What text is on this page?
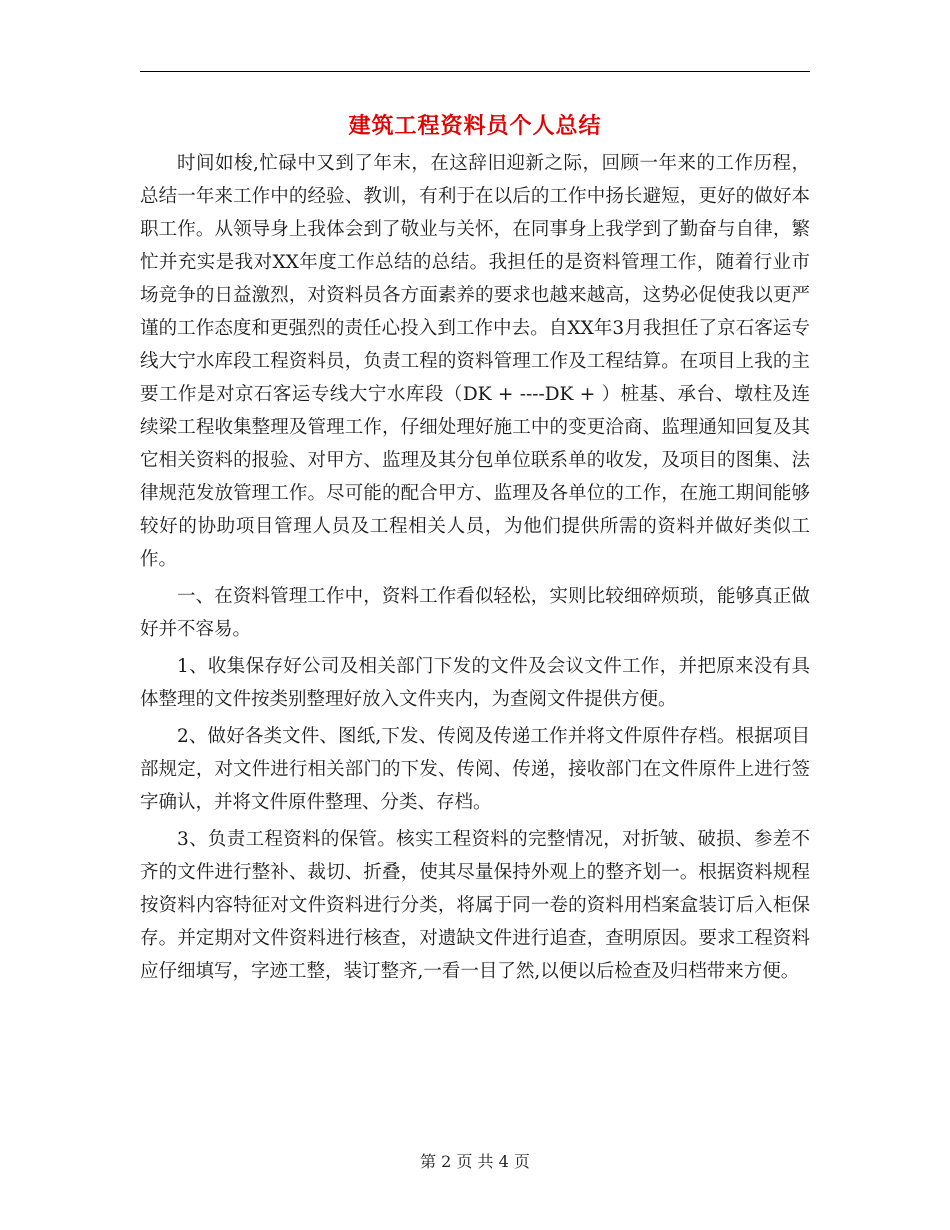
建筑工程资料员个人总结

时间如梭,忙碌中又到了年末，在这辞旧迎新之际，回顾一年来的工作历程，总结一年来工作中的经验、教训，有利于在以后的工作中扬长避短，更好的做好本职工作。从领导身上我体会到了敬业与关怀，在同事身上我学到了勤奋与自律，繁忙并充实是我对XX年度工作总结的总结。我担任的是资料管理工作，随着行业市场竞争的日益激烈，对资料员各方面素养的要求也越来越高，这势必促使我以更严谨的工作态度和更强烈的责任心投入到工作中去。自XX年3月我担任了京石客运专线大宁水库段工程资料员，负责工程的资料管理工作及工程结算。在项目上我的主要工作是对京石客运专线大宁水库段（DK + ----DK + ）桩基、承台、墩柱及连续梁工程收集整理及管理工作，仔细处理好施工中的变更洽商、监理通知回复及其它相关资料的报验、对甲方、监理及其分包单位联系单的收发，及项目的图集、法律规范发放管理工作。尽可能的配合甲方、监理及各单位的工作，在施工期间能够较好的协助项目管理人员及工程相关人员，为他们提供所需的资料并做好类似工作。

一、在资料管理工作中，资料工作看似轻松，实则比较细碎烦琐，能够真正做好并不容易。

1、收集保存好公司及相关部门下发的文件及会议文件工作，并把原来没有具体整理的文件按类别整理好放入文件夹内，为查阅文件提供方便。

2、做好各类文件、图纸,下发、传阅及传递工作并将文件原件存档。根据项目部规定，对文件进行相关部门的下发、传阅、传递，接收部门在文件原件上进行签字确认，并将文件原件整理、分类、存档。

3、负责工程资料的保管。核实工程资料的完整情况，对折皱、破损、参差不齐的文件进行整补、裁切、折叠，使其尽量保持外观上的整齐划一。根据资料规程按资料内容特征对文件资料进行分类，将属于同一卷的资料用档案盒装订后入柜保存。并定期对文件资料进行核查，对遗缺文件进行追查，查明原因。要求工程资料应仔细填写，字迹工整，装订整齐,一看一目了然,以便以后检查及归档带来方便。

第 2 页 共 4 页
